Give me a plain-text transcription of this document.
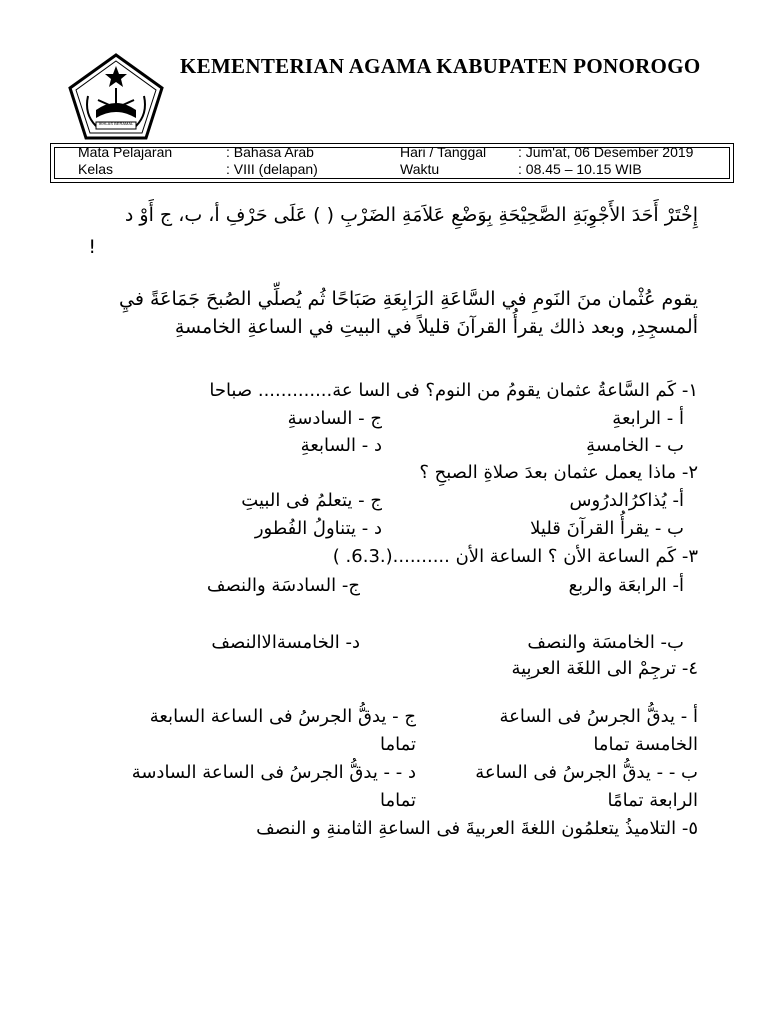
IKHLAS BERAMAL
KEMENTERIAN AGAMA KABUPATEN PONOROGO
Mata Pelajaran	: Bahasa Arab	Hari / Tanggal : Jum'at, 06 Desember 2019
Kelas	: VIII (delapan)	Waktu	: 08.45 – 10.15 WIB
إِخْتَرْ أَحَدَ الأَجْوِبَةِ الصَّحِيْحَةِ بِوَضْعِ عَلاَمَةِ الضَرْبِ ( ) عَلَى حَرْفِ أ، ب، ج أَوْ د
!
يقوم عُثْمان منَ النَومِ في السَّاعَةِ الرَابِعَةِ صَبَاحًا ثُم يُصلِّي الصُبحَ جَمَاعَةً فيِ
ألمسجِدِ, وبعد ذالك يقرأُ القرآنَ قليلاً في البيتِ في الساعةِ الخامسةِ
١- كَم السَّاعةُ عثمان يقومُ من النوم؟ فى السا عة............. صباحا
أ - الرابعةِ
ج - السادسةِ
ب - الخامسةِ
د - السابعةِ
٢- ماذا يعمل عثمان بعدَ صلاةِ الصبحِ ؟
أ- يُذاكرُالدرُوس
ج - يتعلمُ فى البيتِ
ب - يقرأُ القرآنَ قليلا
د - يتناولُ الفُطور
٣- كَم الساعة الأن ؟ الساعة الأن ..........(.6.3. )
أ- الرابعَة والربع
ج- السادسَة والنصف
ب- الخامسَة والنصف
د- الخامسةالاالنصف
٤- ترجِمْ الى اللغَة العربِية
أ - يدقُّ الجرسُ فى الساعة
الخامسة تماما
ج - يدقُّ الجرسُ فى الساعة السابعة
تماما
ب - - يدقُّ الجرسُ فى الساعة
الرابعة تمامًا
د - - يدقُّ الجرسُ فى الساعة السادسة
تماما
٥- التلاميذُ يتعلمُون اللغةَ العربيةَ فى الساعةِ الثامنةِ و النصف
